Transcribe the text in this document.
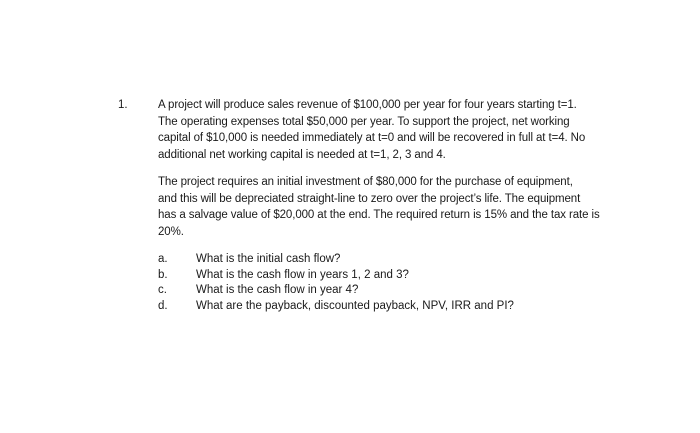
1.	A project will produce sales revenue of $100,000 per year for four years starting t=1.
The operating expenses total $50,000 per year. To support the project, net working
capital of $10,000 is needed immediately at t=0 and will be recovered in full at t=4. No
additional net working capital is needed at t=1, 2, 3 and 4.

The project requires an initial investment of $80,000 for the purchase of equipment,
and this will be depreciated straight-line to zero over the project’s life. The equipment
has a salvage value of $20,000 at the end. The required return is 15% and the tax rate is
20%.

a.	What is the initial cash flow?
b.	What is the cash flow in years 1, 2 and 3?
c.	What is the cash flow in year 4?
d.	What are the payback, discounted payback, NPV, IRR and PI?
